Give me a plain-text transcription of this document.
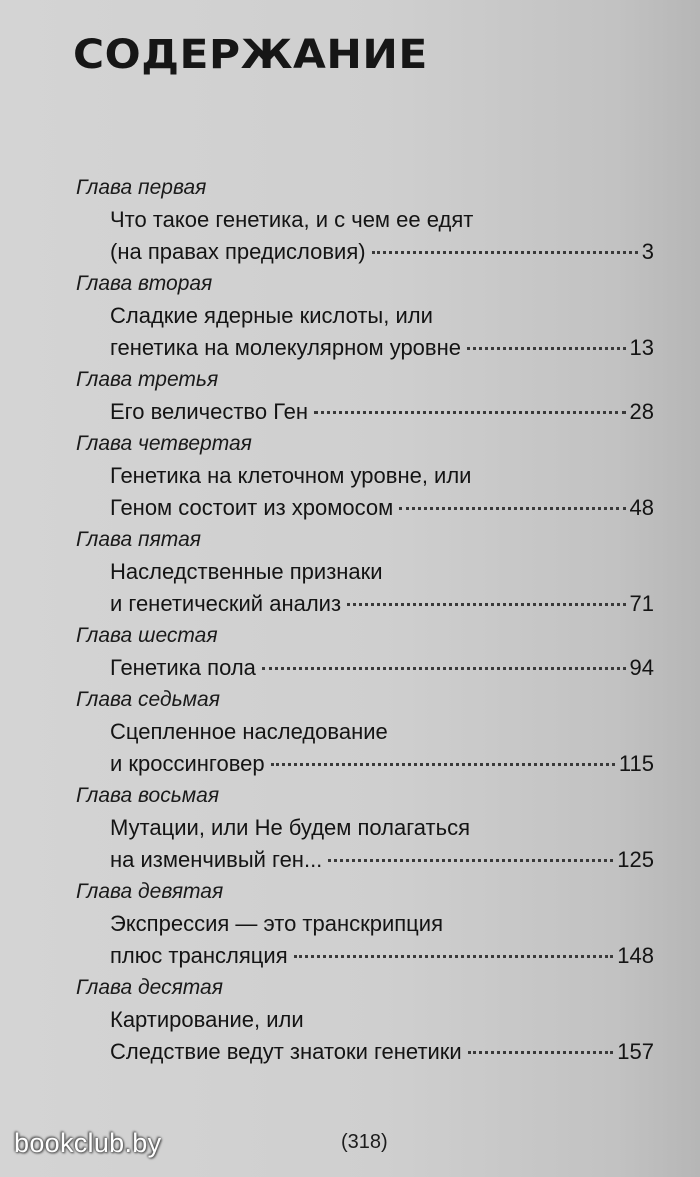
СОДЕРЖАНИЕ
Глава первая
Что такое генетика, и с чем ее едят
(на правах предисловия)	3
Глава вторая
Сладкие ядерные кислоты, или
генетика на молекулярном уровне	13
Глава третья
Его величество Ген	28
Глава четвертая
Генетика на клеточном уровне, или
Геном состоит из хромосом	48
Глава пятая
Наследственные признаки
и генетический анализ	71
Глава шестая
Генетика пола	94
Глава седьмая
Сцепленное наследование
и кроссинговер	115
Глава восьмая
Мутации, или Не будем полагаться
на изменчивый ген...	125
Глава девятая
Экспрессия — это транскрипция
плюс трансляция	148
Глава десятая
Картирование, или
Следствие ведут знатоки генетики	157
bookclub.by	(318)
